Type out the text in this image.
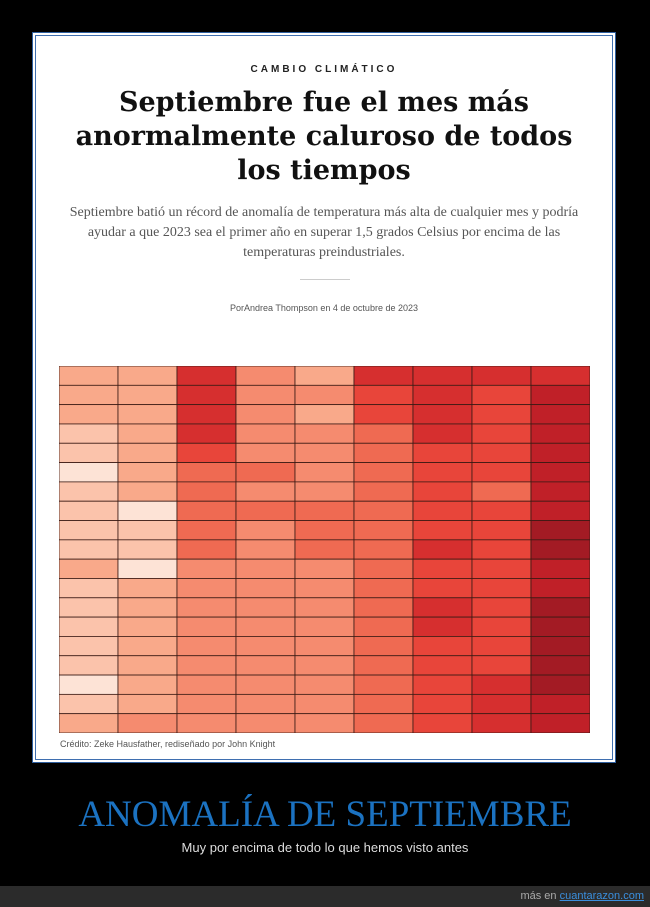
CAMBIO CLIMÁTICO
Septiembre fue el mes más anormalmente caluroso de todos los tiempos

Septiembre batió un récord de anomalía de temperatura más alta de cualquier mes y podría ayudar a que 2023 sea el primer año en superar 1,5 grados Celsius por encima de las temperaturas preindustriales.

PorAndrea Thompson en 4 de octubre de 2023
Crédito: Zeke Hausfather, rediseñado por John Knight
ANOMALÍA DE SEPTIEMBRE
Muy por encima de todo lo que hemos visto antes
más en cuantarazon.com
